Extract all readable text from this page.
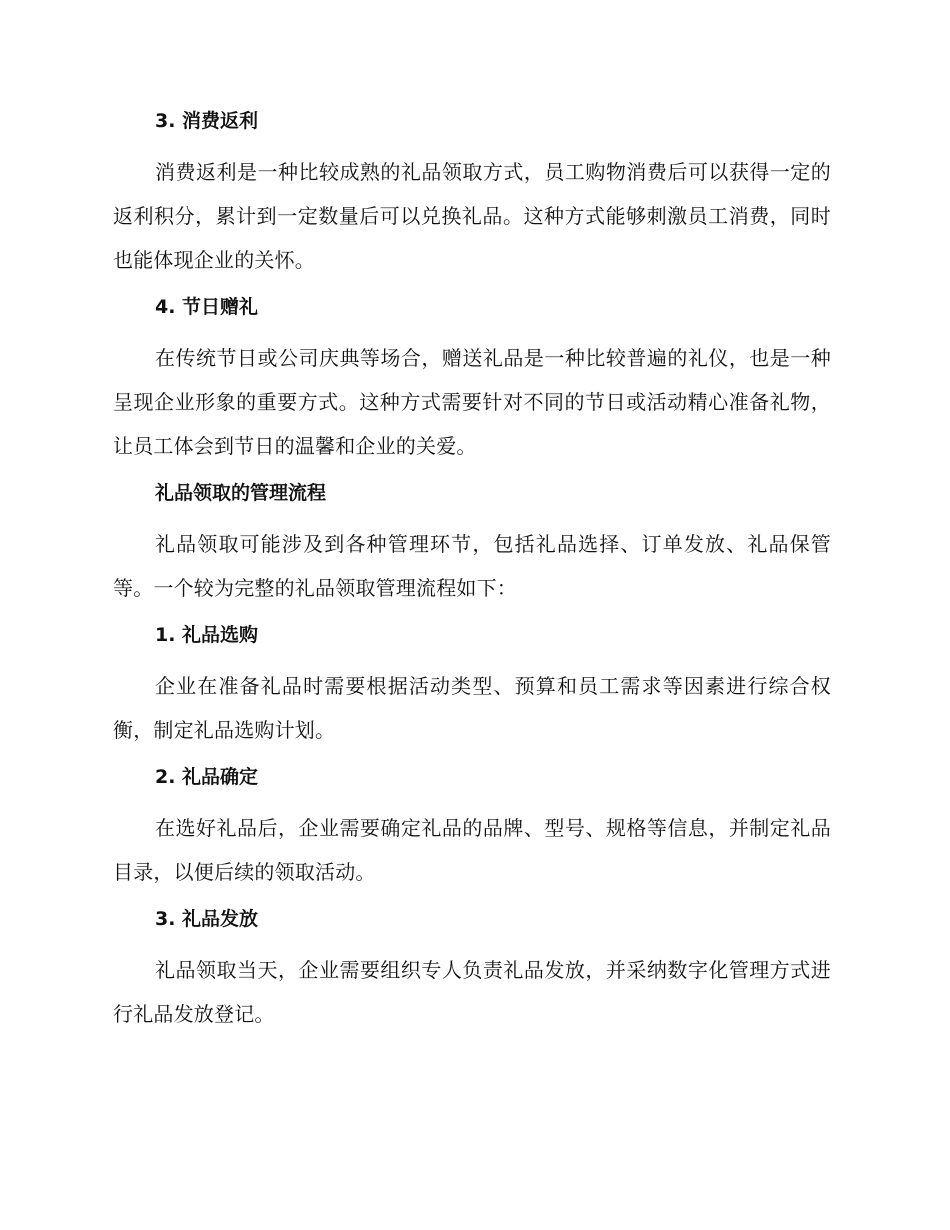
3. 消费返利

消费返利是一种比较成熟的礼品领取方式，员工购物消费后可以获得一定的返利积分，累计到一定数量后可以兑换礼品。这种方式能够刺激员工消费，同时也能体现企业的关怀。

4. 节日赠礼

在传统节日或公司庆典等场合，赠送礼品是一种比较普遍的礼仪，也是一种呈现企业形象的重要方式。这种方式需要针对不同的节日或活动精心准备礼物，让员工体会到节日的温馨和企业的关爱。

礼品领取的管理流程

礼品领取可能涉及到各种管理环节，包括礼品选择、订单发放、礼品保管等。一个较为完整的礼品领取管理流程如下：

1. 礼品选购

企业在准备礼品时需要根据活动类型、预算和员工需求等因素进行综合权衡，制定礼品选购计划。

2. 礼品确定

在选好礼品后，企业需要确定礼品的品牌、型号、规格等信息，并制定礼品目录，以便后续的领取活动。

3. 礼品发放

礼品领取当天，企业需要组织专人负责礼品发放，并采纳数字化管理方式进行礼品发放登记。
